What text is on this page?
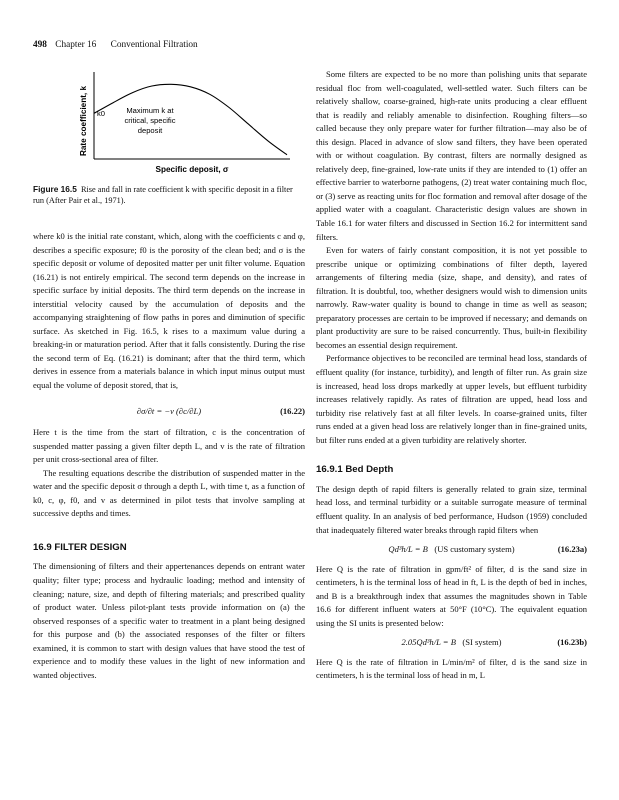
498 Chapter 16 Conventional Filtration
Rate coefficient, k k0	Maximum k at
critical, specific
deposit
Specific deposit, σ
Figure 16.5 Rise and fall in rate coefficient k with specific deposit in a filter run (After Pair et al., 1971).

where k0 is the initial rate constant, which, along with the coefficients c and φ, describes a specific exposure; f0 is the porosity of the clean bed; and σ is the specific deposit or volume of deposited matter per unit filter volume. Equation (16.21) is not entirely empirical. The second term depends on the increase in specific surface by initial deposits. The third term depends on the increase in interstitial velocity caused by the accumulation of deposits and the accompanying straightening of flow paths in pores and diminution of specific surface. As sketched in Fig. 16.5, k rises to a maximum value during a breaking-in or maturation period. After that it falls consistently. During the rise the second term of Eq. (16.21) is dominant; after that the third term, which derives in essence from a materials balance in which input minus output must equal the volume of deposit stored, that is,

∂σ/∂t = −v (∂c/∂L)	(16.22)

Here t is the time from the start of filtration, c is the concentration of suspended matter passing a given filter depth L, and v is the rate of filtration per unit cross-sectional area of filter.

The resulting equations describe the distribution of suspended matter in the water and the specific deposit σ through a depth L, with time t, as a function of k0, c, φ, f0, and v as determined in pilot tests that involve sampling at successive depths and times.

16.9 FILTER DESIGN

The dimensioning of filters and their appertenances depends on entrant water quality; filter type; process and hydraulic loading; method and intensity of cleaning; nature, size, and depth of filtering materials; and prescribed quality of product water. Unless pilot-plant tests provide information on (a) the observed responses of a specific water to treatment in a plant being designed for this purpose and (b) the associated responses of the filter or filters examined, it is common to start with design values that have stood the test of experience and to modify these values in the light of new information and wanted objectives.

Some filters are expected to be no more than polishing units that separate residual floc from well-coagulated, well-settled water. Such filters can be relatively shallow, coarse-grained, high-rate units producing a clear effluent that is readily and reliably amenable to disinfection. Roughing filters—so called because they only prepare water for further filtration—may also be of this design. Placed in advance of slow sand filters, they have been operated with or without coagulation. By contrast, filters are normally designed as relatively deep, fine-grained, low-rate units if they are intended to (1) offer an effective barrier to waterborne pathogens, (2) treat water containing much floc, or (3) serve as reacting units for floc formation and removal after dosage of the applied water with a coagulant. Characteristic design values are shown in Table 16.1 for water filters and discussed in Section 16.2 for intermittent sand filters.

Even for waters of fairly constant composition, it is not yet possible to prescribe unique or optimizing combinations of filter depth, layered arrangements of filtering media (size, shape, and density), and rates of filtration. It is doubtful, too, whether designers would wish to dimension units narrowly. Raw-water quality is bound to change in time as well as season; preparatory processes are certain to be improved if necessary; and demands on plant productivity are sure to be raised concurrently. Thus, built-in flexibility becomes an essential design requirement.

Performance objectives to be reconciled are terminal head loss, standards of effluent quality (for instance, turbidity), and length of filter run. As grain size is increased, head loss drops markedly at upper levels, but effluent turbidity increases relatively rapidly. As rates of filtration are upped, head loss and turbidity rise relatively fast at all filter levels. In coarse-grained units, filter runs ended at a given head loss are relatively longer than in fine-grained units, but filter runs ended at a given turbidity are relatively shorter.

16.9.1 Bed Depth

The design depth of rapid filters is generally related to grain size, terminal head loss, and terminal turbidity or a suitable surrogate measure of terminal effluent quality. In an analysis of bed performance, Hudson (1959) concluded that inadequately filtered water breaks through rapid filters when

Qd³h/L = B (US customary system)	(16.23a)

Here Q is the rate of filtration in gpm/ft² of filter, d is the sand size in centimeters, h is the terminal loss of head in ft, L is the depth of bed in inches, and B is a breakthrough index that assumes the magnitudes shown in Table 16.6 for different influent waters at 50°F (10°C). The equivalent equation using the SI units is presented below:

2.05Qd³h/L = B (SI system)	(16.23b)

Here Q is the rate of filtration in L/min/m² of filter, d is the sand size in centimeters, h is the terminal loss of head in m, L
